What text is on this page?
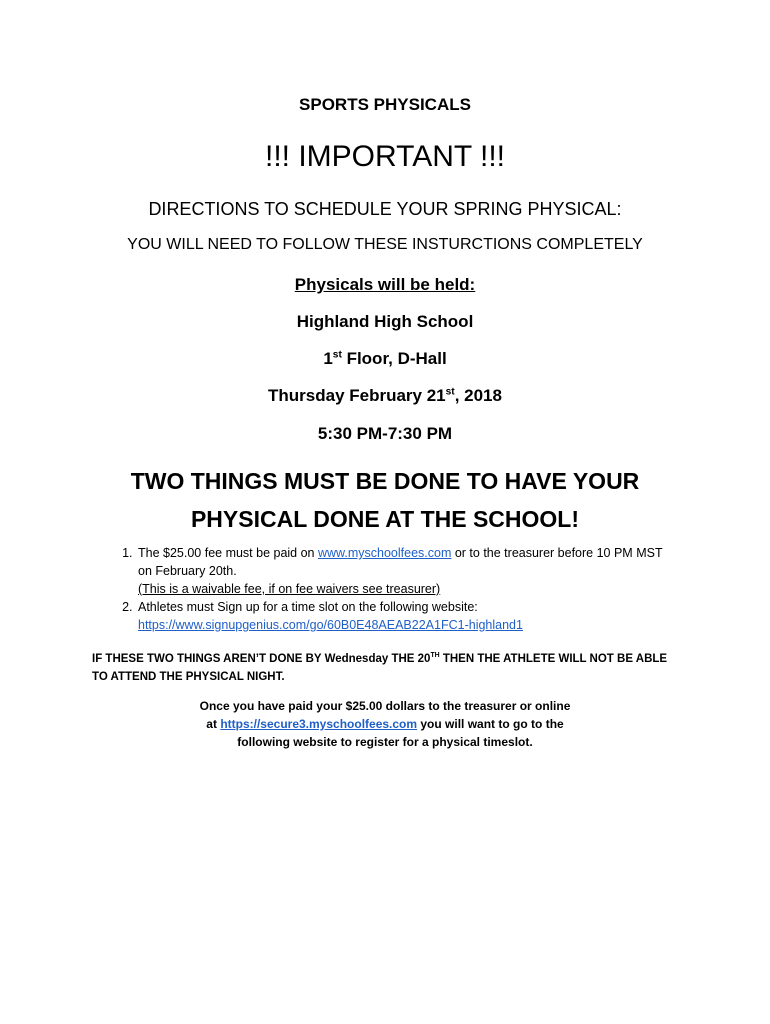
SPORTS PHYSICALS
!!! IMPORTANT !!!
DIRECTIONS TO SCHEDULE YOUR SPRING PHYSICAL:
YOU WILL NEED TO FOLLOW THESE INSTURCTIONS COMPLETELY
Physicals will be held:
Highland High School
1st Floor, D-Hall
Thursday February 21st, 2018
5:30 PM-7:30 PM
TWO THINGS MUST BE DONE TO HAVE YOUR
PHYSICAL DONE AT THE SCHOOL!
1. The $25.00 fee must be paid on www.myschoolfees.com or to the treasurer before 10 PM MST
on February 20th.
(This is a waivable fee, if on fee waivers see treasurer)
2. Athletes must Sign up for a time slot on the following website:
https://www.signupgenius.com/go/60B0E48AEAB22A1FC1-highland1
IF THESE TWO THINGS AREN’T DONE BY Wednesday THE 20TH THEN THE ATHLETE WILL NOT BE ABLE
TO ATTEND THE PHYSICAL NIGHT.
Once you have paid your $25.00 dollars to the treasurer or online
at https://secure3.myschoolfees.com you will want to go to the
following website to register for a physical timeslot.
